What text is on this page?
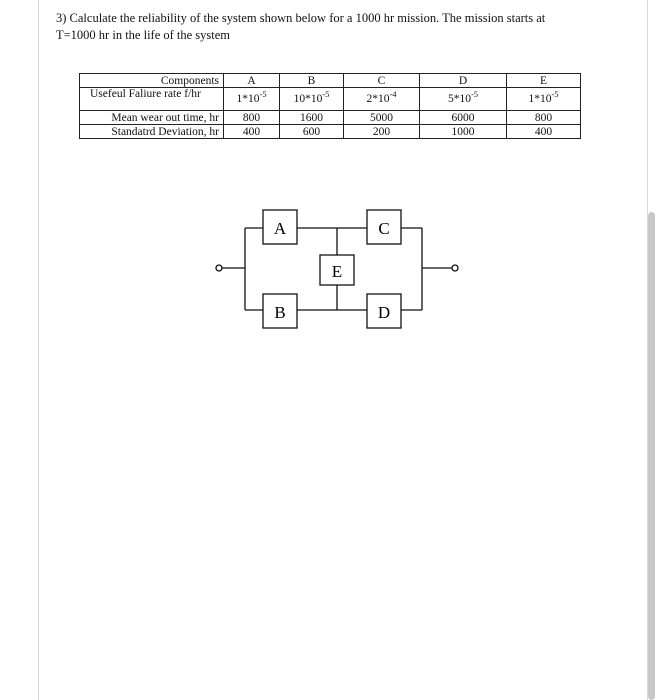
3) Calculate the reliability of the system shown below for a 1000 hr mission. The mission starts at

T=1000 hr in the life of the system

Components	A	B	C	D	E
Usefeul Faliure rate f/hr	$1*10^{-5}$	$10*10^{-5}$	$2*10^{-4}$	$5*10^{-5}$	$1*10^{-5}$
Mean wear out time, hr	800	1600	5000	6000	800
Standatrd Deviation, hr	400	600	200	1000	400
A
B
C
D
E
